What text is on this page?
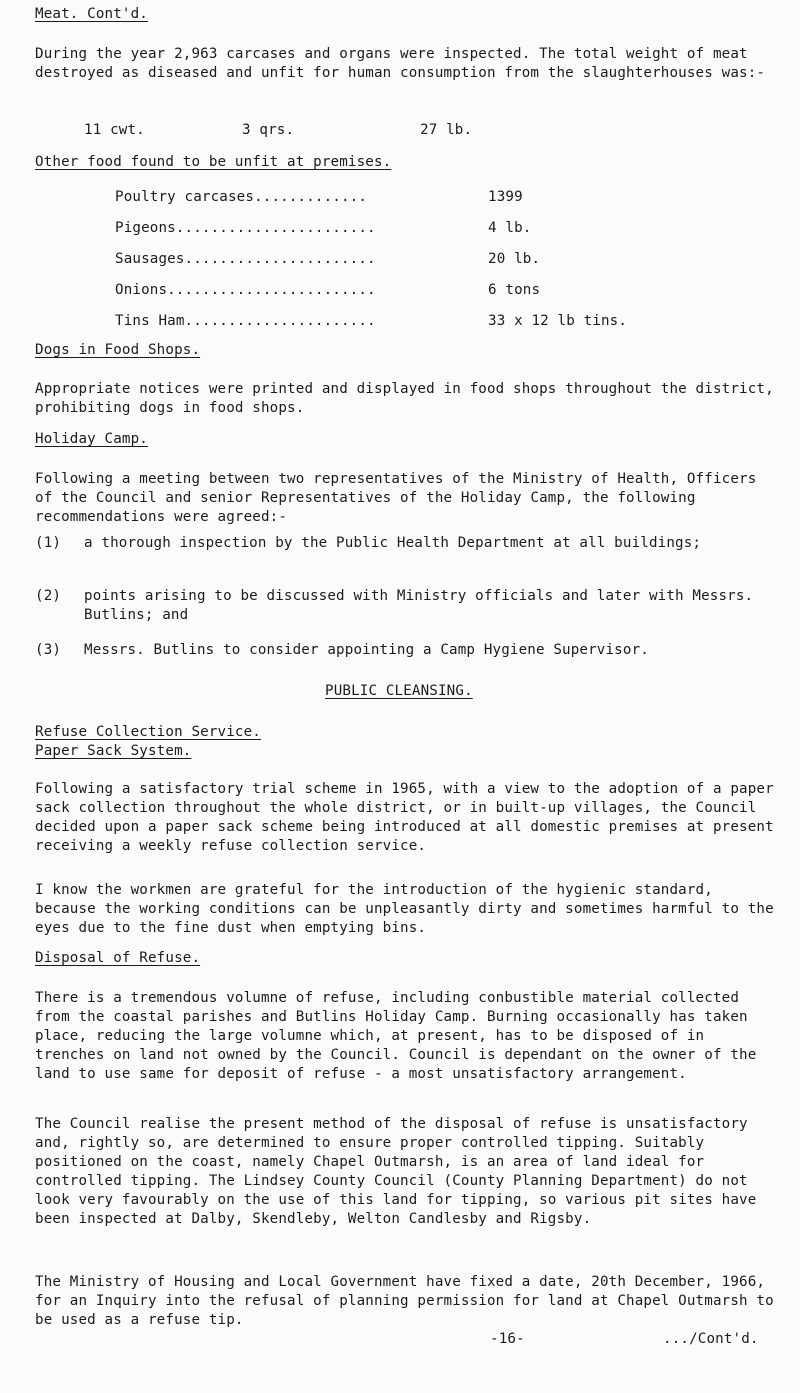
Meat. Cont'd.
During the year 2,963 carcases and organs were inspected. The total weight of meat destroyed as diseased and unfit for human consumption from the slaughterhouses was:-
11 cwt.	3 qrs.	27 lb.
Other food found to be unfit at premises.
Poultry carcases.............	1399
Pigeons.......................	4 lb.
Sausages......................	20 lb.
Onions........................	6 tons
Tins Ham......................	33 x 12 lb tins.
Dogs in Food Shops.
Appropriate notices were printed and displayed in food shops throughout the district, prohibiting dogs in food shops.
Holiday Camp.
Following a meeting between two representatives of the Ministry of Health, Officers of the Council and senior Representatives of the Holiday Camp, the following recommendations were agreed:-
(1) a thorough inspection by the Public Health Department at all buildings;
(2) points arising to be discussed with Ministry officials and later with Messrs. Butlins; and
(3) Messrs. Butlins to consider appointing a Camp Hygiene Supervisor.
PUBLIC CLEANSING.
Refuse Collection Service.
Paper Sack System.
Following a satisfactory trial scheme in 1965, with a view to the adoption of a paper sack collection throughout the whole district, or in built-up villages, the Council decided upon a paper sack scheme being introduced at all domestic premises at present receiving a weekly refuse collection service.
I know the workmen are grateful for the introduction of the hygienic standard, because the working conditions can be unpleasantly dirty and sometimes harmful to the eyes due to the fine dust when emptying bins.
Disposal of Refuse.
There is a tremendous volumne of refuse, including conbustible material collected from the coastal parishes and Butlins Holiday Camp. Burning occasionally has taken place, reducing the large volumne which, at present, has to be disposed of in trenches on land not owned by the Council. Council is dependant on the owner of the land to use same for deposit of refuse - a most unsatisfactory arrangement.
The Council realise the present method of the disposal of refuse is unsatisfactory and, rightly so, are determined to ensure proper controlled tipping. Suitably positioned on the coast, namely Chapel Outmarsh, is an area of land ideal for controlled tipping. The Lindsey County Council (County Planning Department) do not look very favourably on the use of this land for tipping, so various pit sites have been inspected at Dalby, Skendleby, Welton Candlesby and Rigsby.
The Ministry of Housing and Local Government have fixed a date, 20th December, 1966, for an Inquiry into the refusal of planning permission for land at Chapel Outmarsh to be used as a refuse tip.
-16-	.../Cont'd.
